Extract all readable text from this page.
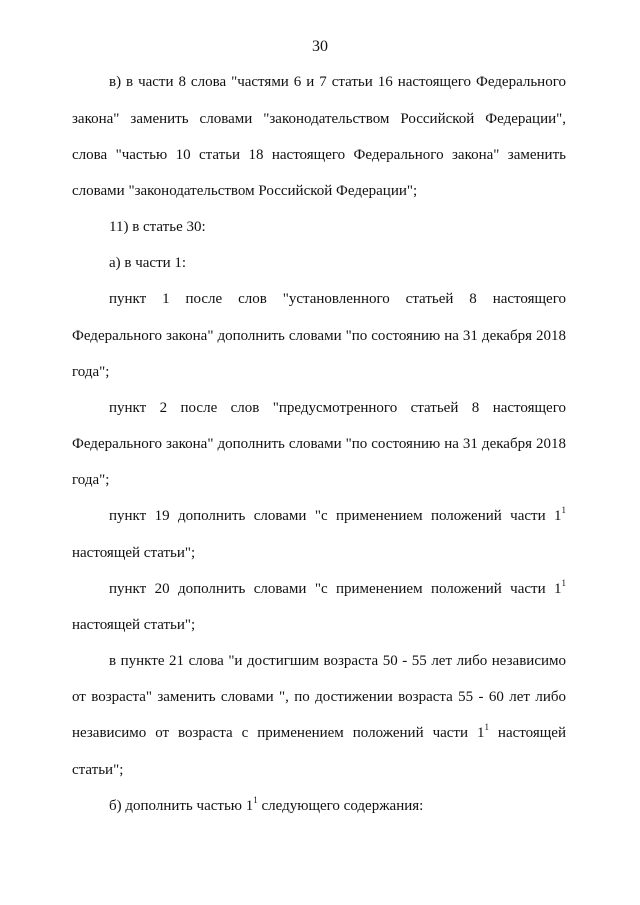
30
в) в части 8 слова "частями 6 и 7 статьи 16 настоящего Федерального
закона" заменить словами "законодательством Российской Федерации",
слова "частью 10 статьи 18 настоящего Федерального закона" заменить
словами "законодательством Российской Федерации";
11) в статье 30:
а) в части 1:
пункт 1 после слов "установленного статьей 8 настоящего
Федерального закона" дополнить словами "по состоянию на 31 декабря 2018
года";
пункт 2 после слов "предусмотренного статьей 8 настоящего
Федерального закона" дополнить словами "по состоянию на 31 декабря 2018
года";
пункт 19 дополнить словами "с применением положений части $1^1$
настоящей статьи";
пункт 20 дополнить словами "с применением положений части $1^1$
настоящей статьи";
в пункте 21 слова "и достигшим возраста 50 - 55 лет либо независимо
от возраста" заменить словами ", по достижении возраста 55 - 60 лет либо
независимо от возраста с применением положений части $1^1$ настоящей
статьи";
б) дополнить частью $1^1$ следующего содержания:
